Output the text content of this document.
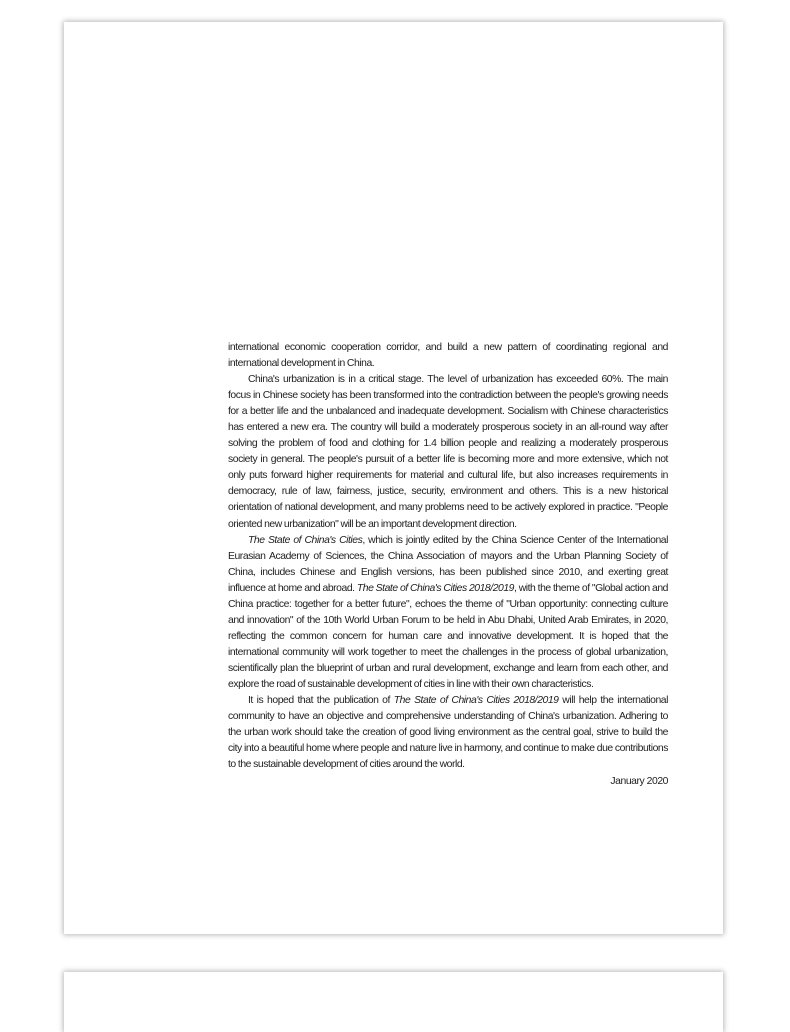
international economic cooperation corridor, and build a new pattern of coordinating regional and international development in China.

China's urbanization is in a critical stage. The level of urbanization has exceeded 60%. The main focus in Chinese society has been transformed into the contradiction between the people's growing needs for a better life and the unbalanced and inadequate development. Socialism with Chinese characteristics has entered a new era. The country will build a moderately prosperous society in an all-round way after solving the problem of food and clothing for 1.4 billion people and realizing a moderately prosperous society in general. The people's pursuit of a better life is becoming more and more extensive, which not only puts forward higher requirements for material and cultural life, but also increases requirements in democracy, rule of law, fairness, justice, security, environment and others. This is a new historical orientation of national development, and many problems need to be actively explored in practice. "People oriented new urbanization" will be an important development direction.

The State of China's Cities, which is jointly edited by the China Science Center of the International Eurasian Academy of Sciences, the China Association of mayors and the Urban Planning Society of China, includes Chinese and English versions, has been published since 2010, and exerting great influence at home and abroad. The State of China's Cities 2018/2019, with the theme of "Global action and China practice: together for a better future", echoes the theme of "Urban opportunity: connecting culture and innovation" of the 10th World Urban Forum to be held in Abu Dhabi, United Arab Emirates, in 2020, reflecting the common concern for human care and innovative development. It is hoped that the international community will work together to meet the challenges in the process of global urbanization, scientifically plan the blueprint of urban and rural development, exchange and learn from each other, and explore the road of sustainable development of cities in line with their own characteristics.

It is hoped that the publication of The State of China's Cities 2018/2019 will help the international community to have an objective and comprehensive understanding of China's urbanization. Adhering to the urban work should take the creation of good living environment as the central goal, strive to build the city into a beautiful home where people and nature live in harmony, and continue to make due contributions to the sustainable development of cities around the world.

January 2020
